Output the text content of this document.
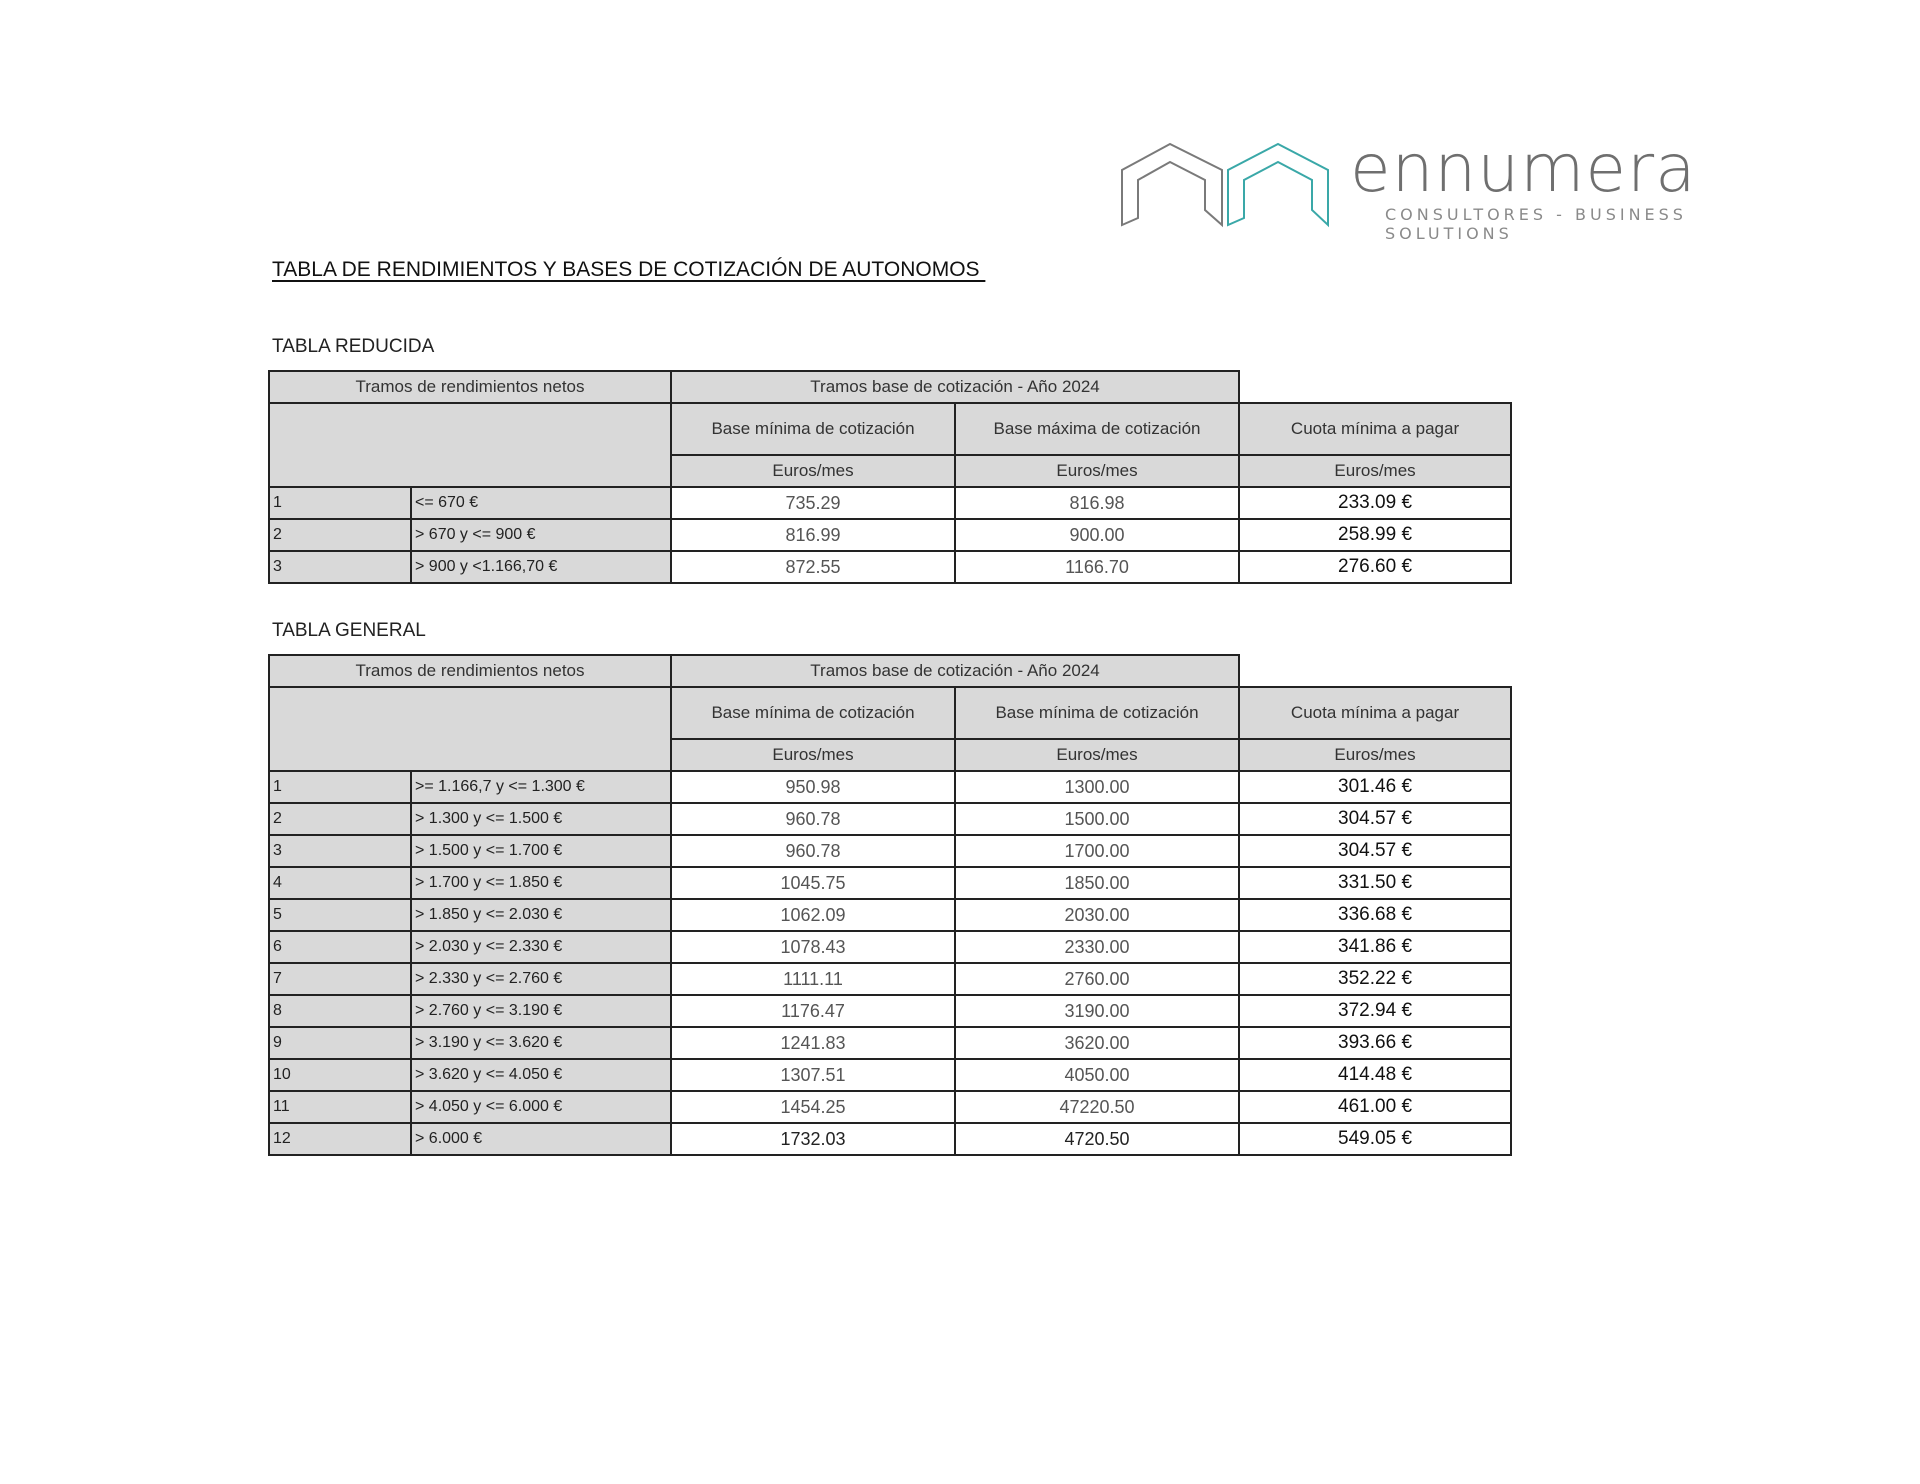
ennumera
CONSULTORES - BUSINESS SOLUTIONS
TABLA DE RENDIMIENTOS Y BASES DE COTIZACIÓN DE AUTONOMOS
TABLA REDUCIDA
Tramos de rendimientos netos		Tramos base de cotización - Año 2024		
		Base mínima de cotización	Base máxima de cotización	Cuota mínima a pagar
		Euros/mes	Euros/mes	Euros/mes
1	<= 670 €	735.29	816.98	233.09 €
2	> 670 y <= 900 €	816.99	900.00	258.99 €
3	> 900 y <1.166,70 €	872.55	1166.70	276.60 €
TABLA GENERAL
Tramos de rendimientos netos		Tramos base de cotización - Año 2024		
		Base mínima de cotización	Base mínima de cotización	Cuota mínima a pagar
		Euros/mes	Euros/mes	Euros/mes
1	>= 1.166,7 y <= 1.300 €	950.98	1300.00	301.46 €
2	> 1.300 y <= 1.500 €	960.78	1500.00	304.57 €
3	> 1.500 y <= 1.700 €	960.78	1700.00	304.57 €
4	> 1.700 y <= 1.850 €	1045.75	1850.00	331.50 €
5	> 1.850 y <= 2.030 €	1062.09	2030.00	336.68 €
6	> 2.030 y <= 2.330 €	1078.43	2330.00	341.86 €
7	> 2.330 y <= 2.760 €	1111.11	2760.00	352.22 €
8	> 2.760 y <= 3.190 €	1176.47	3190.00	372.94 €
9	> 3.190 y <= 3.620 €	1241.83	3620.00	393.66 €
10	> 3.620 y <= 4.050 €	1307.51	4050.00	414.48 €
11	> 4.050 y <= 6.000 €	1454.25	47220.50	461.00 €
12	> 6.000 €	1732.03	4720.50	549.05 €
